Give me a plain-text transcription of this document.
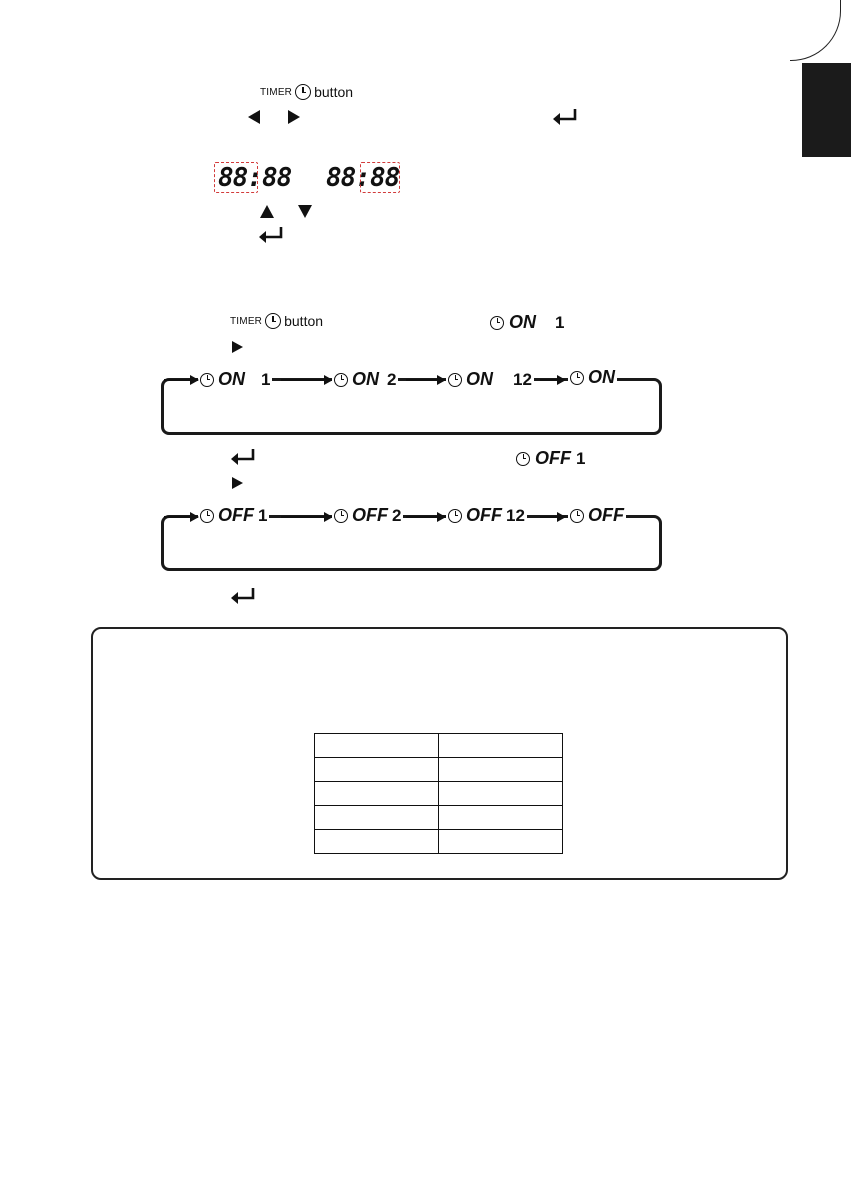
TIMER button
88:88 88:88
TIMER button	ON 1
ON 1	ON 2	ON 12	ON
OFF 1
OFF 1	OFF 2	OFF 12	OFF
